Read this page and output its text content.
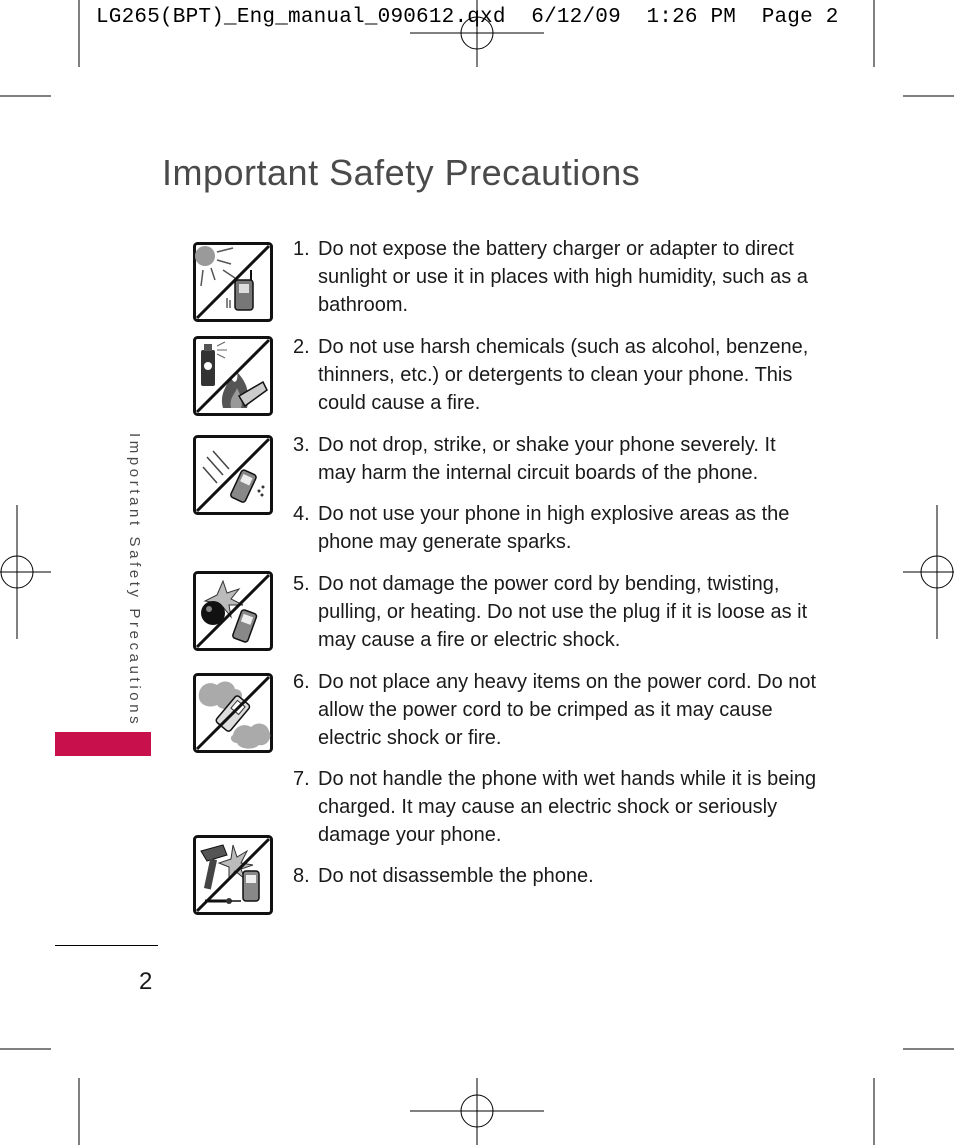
LG265(BPT)_Eng_manual_090612.qxd  6/12/09  1:26 PM  Page 2
Important Safety Precautions
Important Safety Precautions
1. Do not expose the battery charger or adapter to direct sunlight or use it in places with high humidity, such as a bathroom.
2. Do not use harsh chemicals (such as alcohol, benzene, thinners, etc.) or detergents to clean your phone. This could cause a fire.
3. Do not drop, strike, or shake your phone severely. It may harm the internal circuit boards of the phone.
4. Do not use your phone in high explosive areas as the phone may generate sparks.
5. Do not damage the power cord by bending, twisting, pulling, or heating. Do not use the plug if it is loose as it may cause a fire or electric shock.
6. Do not place any heavy items on the power cord. Do not allow the power cord to be crimped as it may cause electric shock or fire.
7. Do not handle the phone with wet hands while it is being charged. It may cause an electric shock or seriously damage your phone.
8. Do not disassemble the phone.
2
